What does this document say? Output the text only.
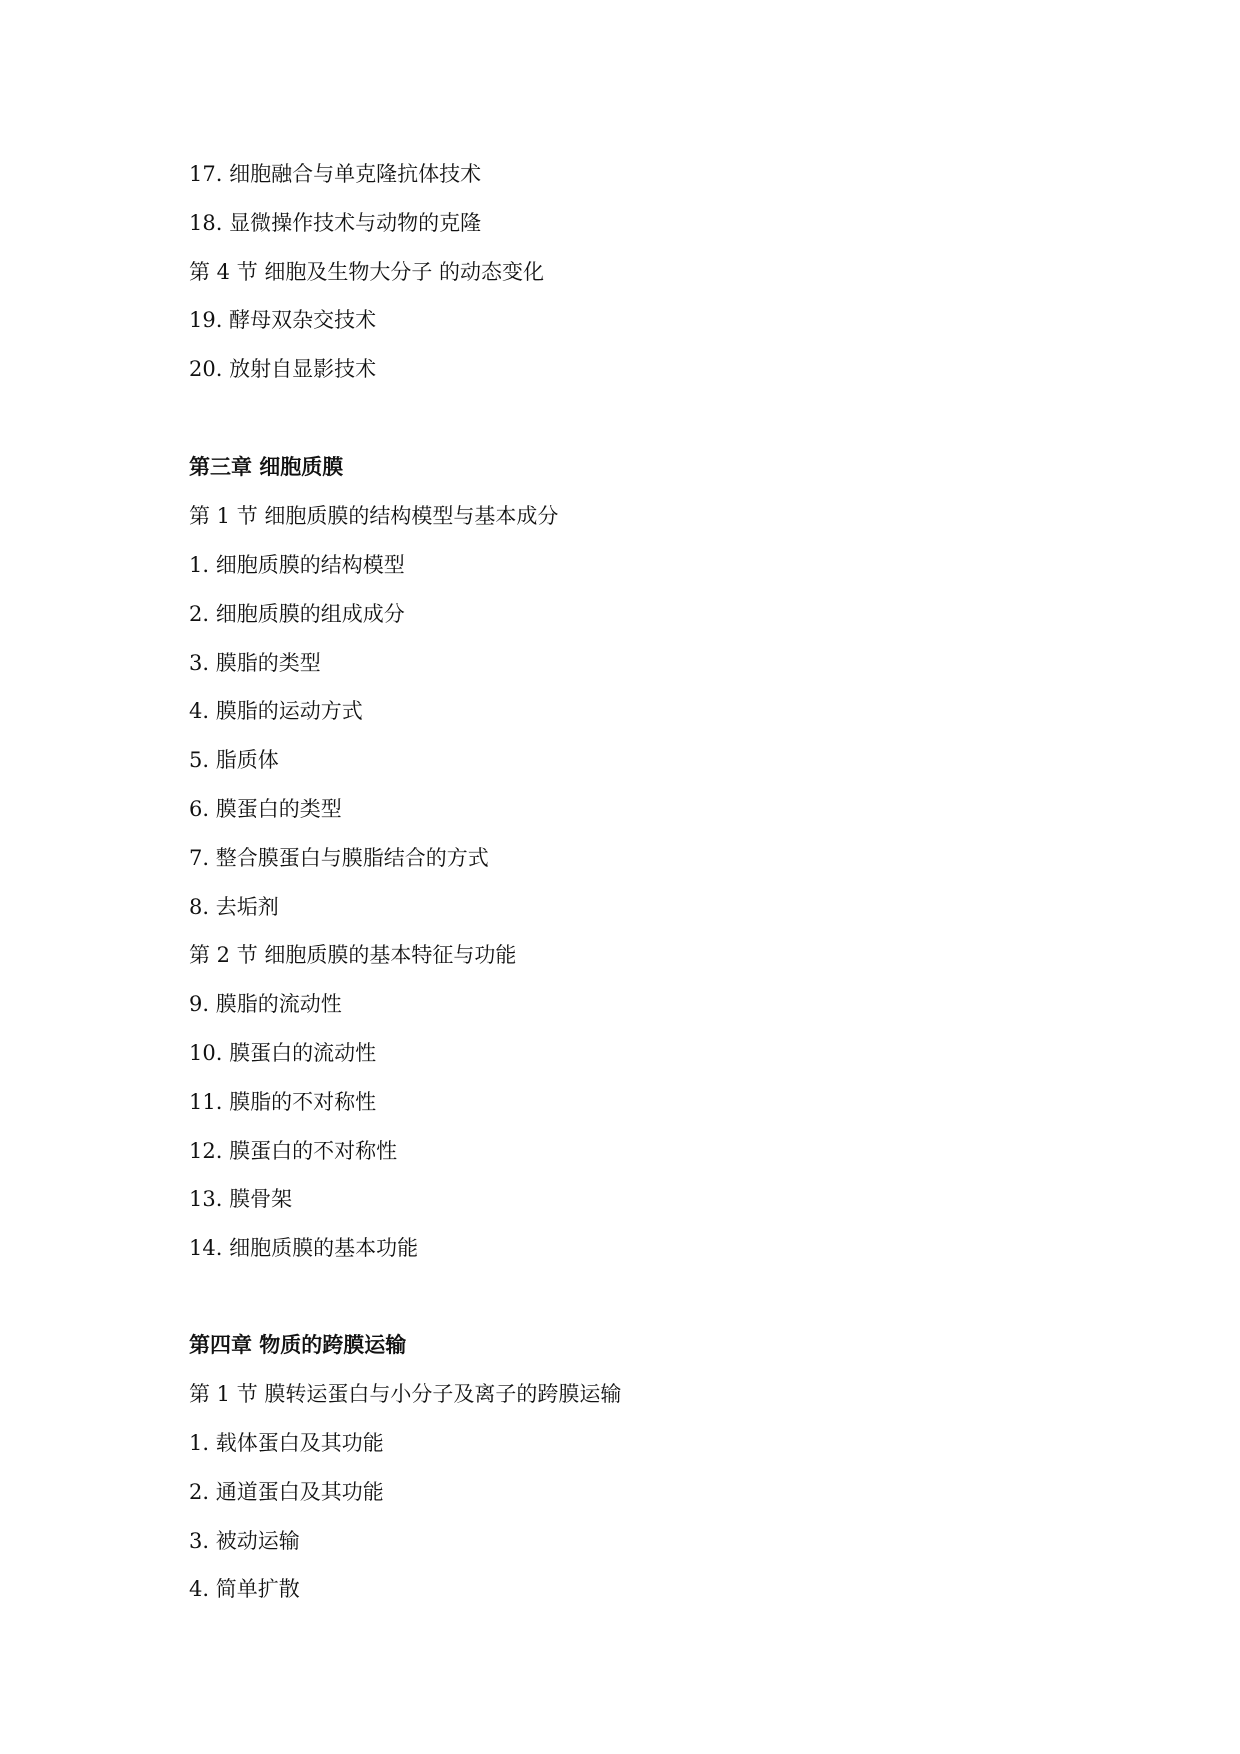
17. 细胞融合与单克隆抗体技术
18. 显微操作技术与动物的克隆
第 4 节 细胞及生物大分子 的动态变化
19. 酵母双杂交技术
20. 放射自显影技术
第三章 细胞质膜
第 1 节 细胞质膜的结构模型与基本成分
1. 细胞质膜的结构模型
2. 细胞质膜的组成成分
3. 膜脂的类型
4. 膜脂的运动方式
5. 脂质体
6. 膜蛋白的类型
7. 整合膜蛋白与膜脂结合的方式
8. 去垢剂
第 2 节 细胞质膜的基本特征与功能
9. 膜脂的流动性
10. 膜蛋白的流动性
11. 膜脂的不对称性
12. 膜蛋白的不对称性
13. 膜骨架
14. 细胞质膜的基本功能
第四章 物质的跨膜运输
第 1 节 膜转运蛋白与小分子及离子的跨膜运输
1. 载体蛋白及其功能
2. 通道蛋白及其功能
3. 被动运输
4. 简单扩散
